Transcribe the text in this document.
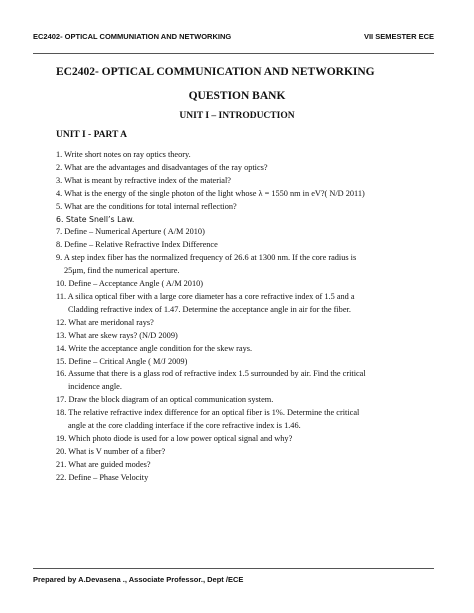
EC2402- OPTICAL COMMUNIATION AND NETWORKING	VII SEMESTER ECE
EC2402- OPTICAL COMMUNICATION AND NETWORKING
QUESTION BANK
UNIT I – INTRODUCTION
UNIT I - PART A
1. Write short notes on ray optics theory.
2. What are the advantages and disadvantages of the ray optics?
3. What is meant by refractive index of the material?
4. What is the energy of the single photon of the light whose λ = 1550 nm in eV?( N/D 2011)
5. What are the conditions for total internal reflection?
6. State Snell’s Law.
7. Define – Numerical Aperture ( A/M 2010)
8. Define – Relative Refractive Index Difference
9. A step index fiber has the normalized frequency of 26.6 at 1300 nm. If the core radius is
25μm, find the numerical aperture.
10. Define – Acceptance Angle ( A/M 2010)
11. A silica optical fiber with a large core diameter has a core refractive index of 1.5 and a
Cladding refractive index of 1.47. Determine the acceptance angle in air for the fiber.
12. What are meridonal rays?
13. What are skew rays? (N/D 2009)
14. Write the acceptance angle condition for the skew rays.
15. Define – Critical Angle ( M/J 2009)
16. Assume that there is a glass rod of refractive index 1.5 surrounded by air. Find the critical
incidence angle.
17. Draw the block diagram of an optical communication system.
18. The relative refractive index difference for an optical fiber is 1%. Determine the critical
angle at the core cladding interface if the core refractive index is 1.46.
19. Which photo diode is used for a low power optical signal and why?
20. What is V number of a fiber?
21. What are guided modes?
22. Define – Phase Velocity
Prepared by A.Devasena ., Associate Professor., Dept /ECE
